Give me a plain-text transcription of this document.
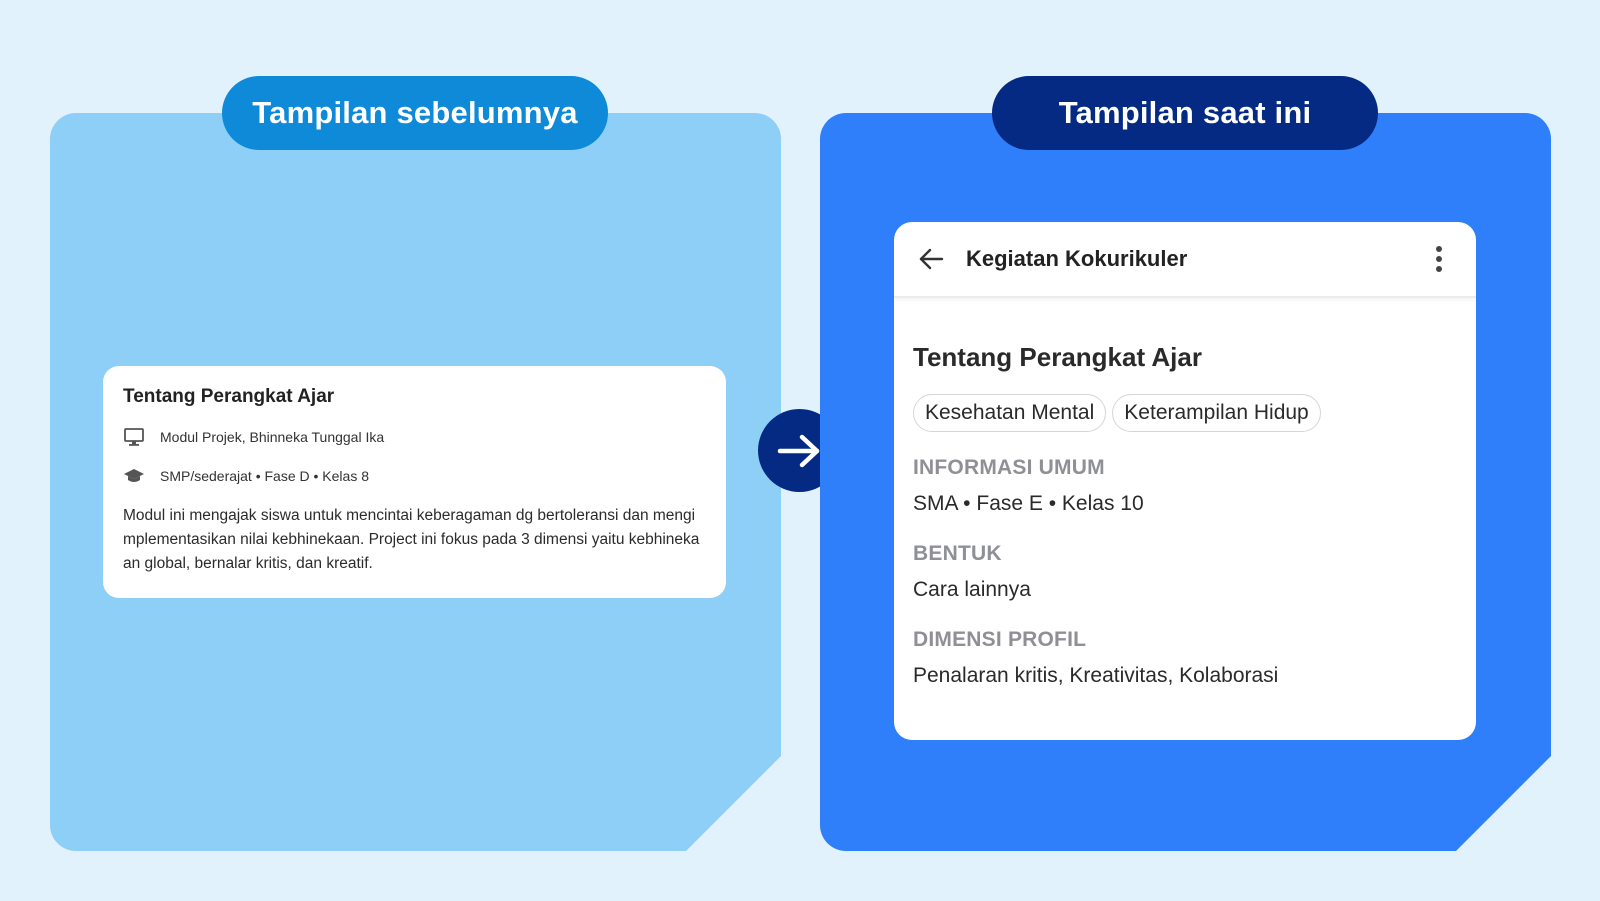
Tampilan sebelumnya
Tentang Perangkat Ajar
Modul Projek, Bhinneka Tunggal Ika
SMP/sederajat • Fase D • Kelas 8
Modul ini mengajak siswa untuk mencintai keberagaman dg bertoleransi dan mengimplementasikan nilai kebhinekaan. Project ini fokus pada 3 dimensi yaitu kebhinekaan global, bernalar kritis, dan kreatif.
Tampilan saat ini
Kegiatan Kokurikuler
Tentang Perangkat Ajar
Kesehatan Mental	Keterampilan Hidup
INFORMASI UMUM
SMA • Fase E • Kelas 10
BENTUK
Cara lainnya
DIMENSI PROFIL
Penalaran kritis, Kreativitas, Kolaborasi
